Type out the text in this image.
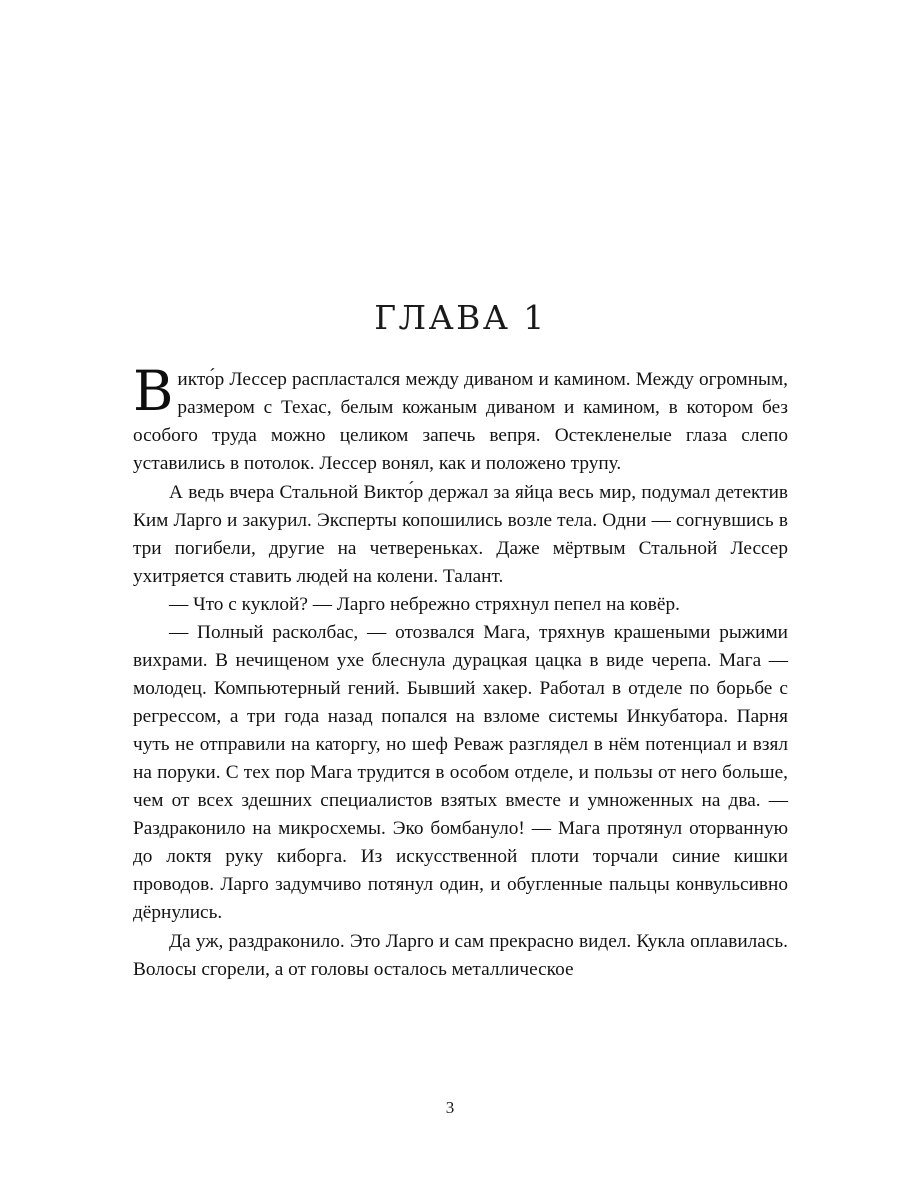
ГЛАВА 1

Викто́р Лессер распластался между диваном и камином. Между огромным, размером с Техас, белым кожаным диваном и камином, в котором без особого труда можно целиком запечь вепря. Остекленелые глаза слепо уставились в потолок. Лессер вонял, как и положено трупу.

А ведь вчера Стальной Викто́р держал за яйца весь мир, подумал детектив Ким Ларго и закурил. Эксперты копошились возле тела. Одни — согнувшись в три погибели, другие на четвереньках. Даже мёртвым Стальной Лессер ухитряется ставить людей на колени. Талант.

— Что с куклой? — Ларго небрежно стряхнул пепел на ковёр.

— Полный расколбас, — отозвался Мага, тряхнув крашеными рыжими вихрами. В нечищеном ухе блеснула дурацкая цацка в виде черепа. Мага — молодец. Компьютерный гений. Бывший хакер. Работал в отделе по борьбе с регрессом, а три года назад попался на взломе системы Инкубатора. Парня чуть не отправили на каторгу, но шеф Реваж разглядел в нём потенциал и взял на поруки. С тех пор Мага трудится в особом отделе, и пользы от него больше, чем от всех здешних специалистов взятых вместе и умноженных на два. — Раздраконило на микросхемы. Эко бомбануло! — Мага протянул оторванную до локтя руку киборга. Из искусственной плоти торчали синие кишки проводов. Ларго задумчиво потянул один, и обугленные пальцы конвульсивно дёрнулись.

Да уж, раздраконило. Это Ларго и сам прекрасно видел. Кукла оплавилась. Волосы сгорели, а от головы осталось металлическое

3
